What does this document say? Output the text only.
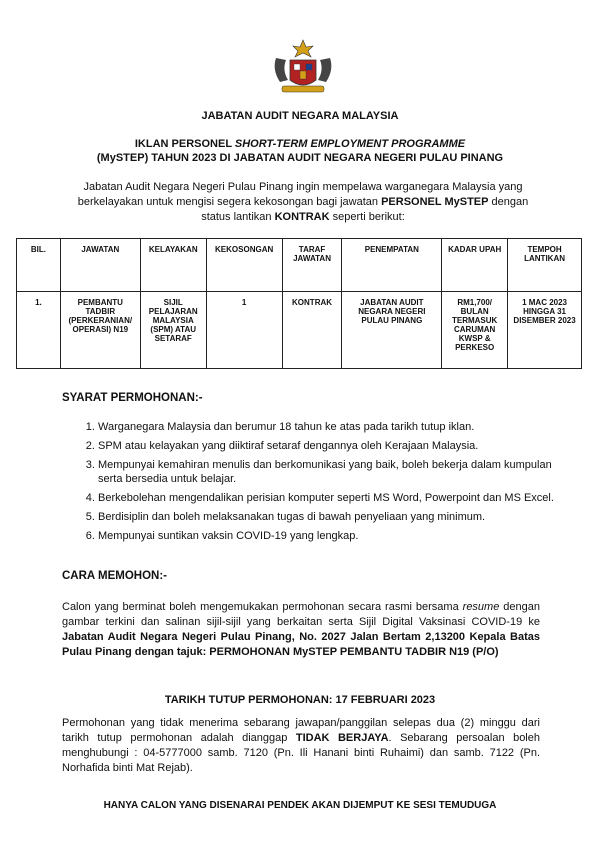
JABATAN AUDIT NEGARA MALAYSIA
IKLAN PERSONEL SHORT-TERM EMPLOYMENT PROGRAMME
(MySTEP) TAHUN 2023 DI JABATAN AUDIT NEGARA NEGERI PULAU PINANG
Jabatan Audit Negara Negeri Pulau Pinang ingin mempelawa warganegara Malaysia yang berkelayakan untuk mengisi segera kekosongan bagi jawatan PERSONEL MySTEP dengan status lantikan KONTRAK seperti berikut:
BIL.	JAWATAN	KELAYAKAN	KEKOSONGAN	TARAF JAWATAN	PENEMPATAN	KADAR UPAH	TEMPOH LANTIKAN
1.	PEMBANTU TADBIR (PERKERANIAN/ OPERASI) N19	SIJIL PELAJARAN MALAYSIA (SPM) ATAU SETARAF	1	KONTRAK	JABATAN AUDIT NEGARA NEGERI PULAU PINANG	RM1,700/ BULAN TERMASUK CARUMAN KWSP & PERKESO	1 MAC 2023 HINGGA 31 DISEMBER 2023
SYARAT PERMOHONAN:-
1. Warganegara Malaysia dan berumur 18 tahun ke atas pada tarikh tutup iklan.
2. SPM atau kelayakan yang diiktiraf setaraf dengannya oleh Kerajaan Malaysia.
3. Mempunyai kemahiran menulis dan berkomunikasi yang baik, boleh bekerja dalam kumpulan serta bersedia untuk belajar.
4. Berkebolehan mengendalikan perisian komputer seperti MS Word, Powerpoint dan MS Excel.
5. Berdisiplin dan boleh melaksanakan tugas di bawah penyeliaan yang minimum.
6. Mempunyai suntikan vaksin COVID-19 yang lengkap.
CARA MEMOHON:-
Calon yang berminat boleh mengemukakan permohonan secara rasmi bersama resume dengan gambar terkini dan salinan sijil-sijil yang berkaitan serta Sijil Digital Vaksinasi COVID-19 ke Jabatan Audit Negara Negeri Pulau Pinang, No. 2027 Jalan Bertam 2,13200 Kepala Batas Pulau Pinang dengan tajuk: PERMOHONAN MySTEP PEMBANTU TADBIR N19 (P/O)
TARIKH TUTUP PERMOHONAN: 17 FEBRUARI 2023
Permohonan yang tidak menerima sebarang jawapan/panggilan selepas dua (2) minggu dari tarikh tutup permohonan adalah dianggap TIDAK BERJAYA. Sebarang persoalan boleh menghubungi : 04-5777000 samb. 7120 (Pn. Ili Hanani binti Ruhaimi) dan samb. 7122 (Pn. Norhafida binti Mat Rejab).
HANYA CALON YANG DISENARAI PENDEK AKAN DIJEMPUT KE SESI TEMUDUGA
